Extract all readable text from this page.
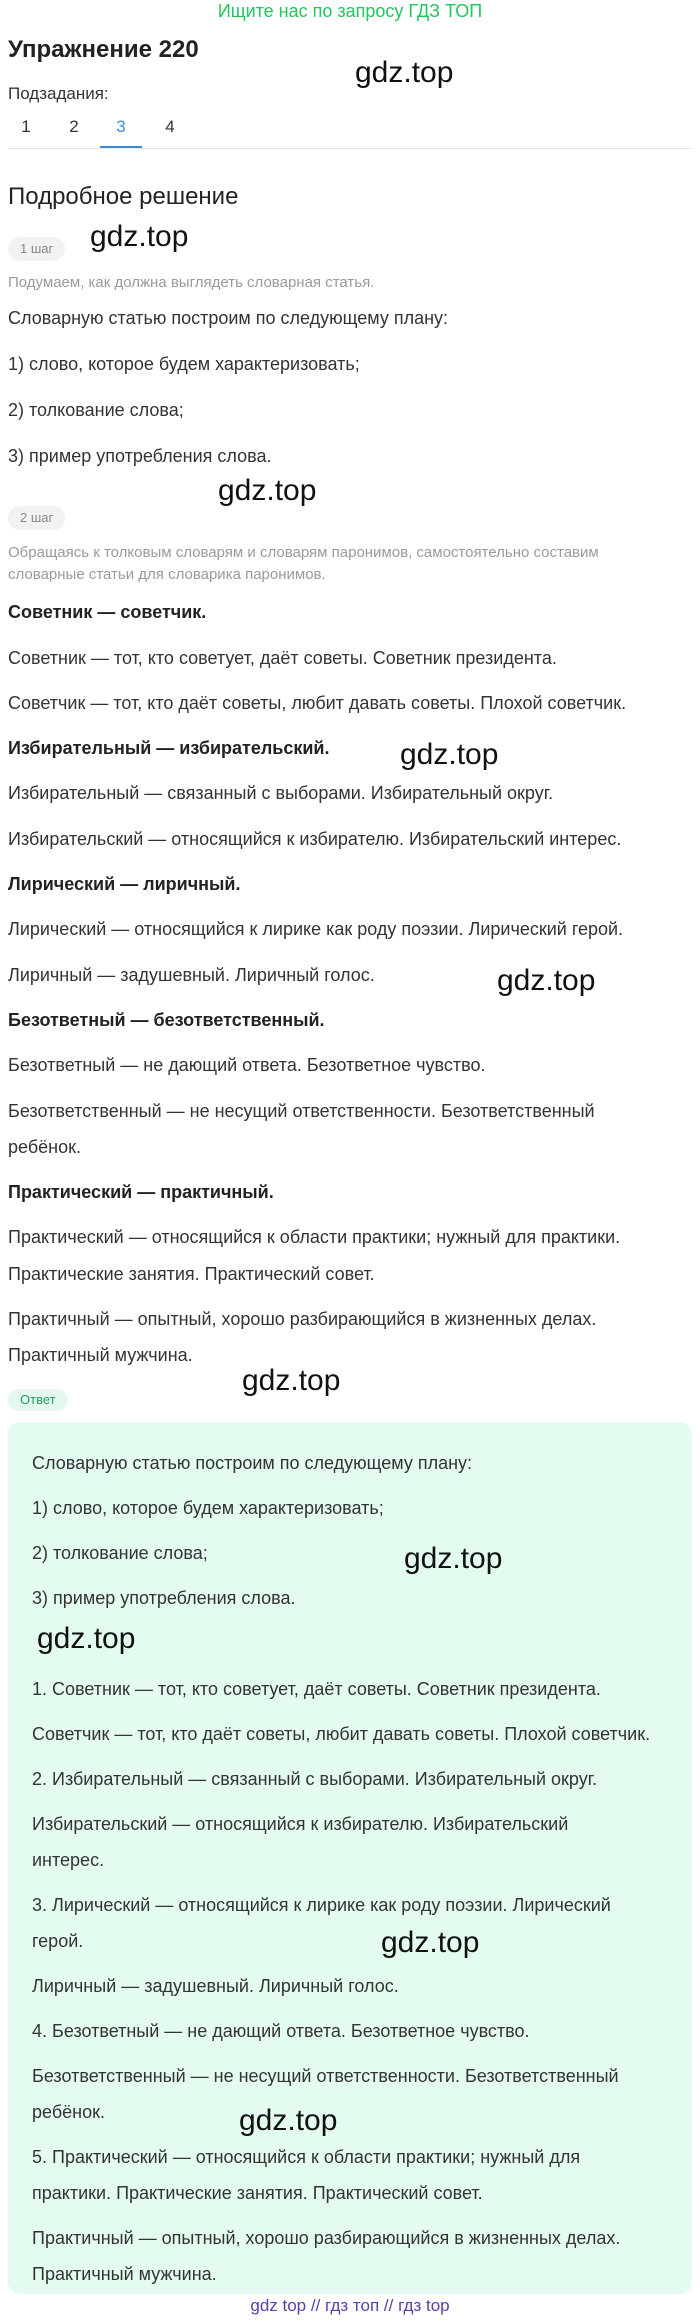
Ищите нас по запросу ГДЗ ТОП
Упражнение 220
gdz.top
Подзадания:
1	2	3	4
Подробное решение
1 шаг	gdz.top
Подумаем, как должна выглядеть словарная статья.
Словарную статью построим по следующему плану:
1) слово, которое будем характеризовать;
2) толкование слова;
3) пример употребления слова.
gdz.top
2 шаг
Обращаясь к толковым словарям и словарям паронимов, самостоятельно составим
словарные статьи для словарика паронимов.
Советник — советчик.
Советник — тот, кто советует, даёт советы. Советник президента.
Советчик — тот, кто даёт советы, любит давать советы. Плохой советчик.
Избирательный — избирательский.	gdz.top
Избирательный — связанный с выборами. Избирательный округ.
Избирательский — относящийся к избирателю. Избирательский интерес.
Лирический — лиричный.
Лирический — относящийся к лирике как роду поэзии. Лирический герой.
Лиричный — задушевный. Лиричный голос.	gdz.top
Безответный — безответственный.
Безответный — не дающий ответа. Безответное чувство.
Безответственный — не несущий ответственности. Безответственный
ребёнок.
Практический — практичный.
Практический — относящийся к области практики; нужный для практики.
Практические занятия. Практический совет.
Практичный — опытный, хорошо разбирающийся в жизненных делах.
Практичный мужчина.
Ответ
gdz.top
Словарную статью построим по следующему плану:
1) слово, которое будем характеризовать;
2) толкование слова;	gdz.top
3) пример употребления слова.
gdz.top
1. Советник — тот, кто советует, даёт советы. Советник президента.
Советчик — тот, кто даёт советы, любит давать советы. Плохой советчик.
2. Избирательный — связанный с выборами. Избирательный округ.
Избирательский — относящийся к избирателю. Избирательский
интерес.
3. Лирический — относящийся к лирике как роду поэзии. Лирический
герой.	gdz.top
Лиричный — задушевный. Лиричный голос.
4. Безответный — не дающий ответа. Безответное чувство.
Безответственный — не несущий ответственности. Безответственный
ребёнок.	gdz.top
5. Практический — относящийся к области практики; нужный для
практики. Практические занятия. Практический совет.
Практичный — опытный, хорошо разбирающийся в жизненных делах.
Практичный мужчина.
gdz top // гдз топ // гдз top
